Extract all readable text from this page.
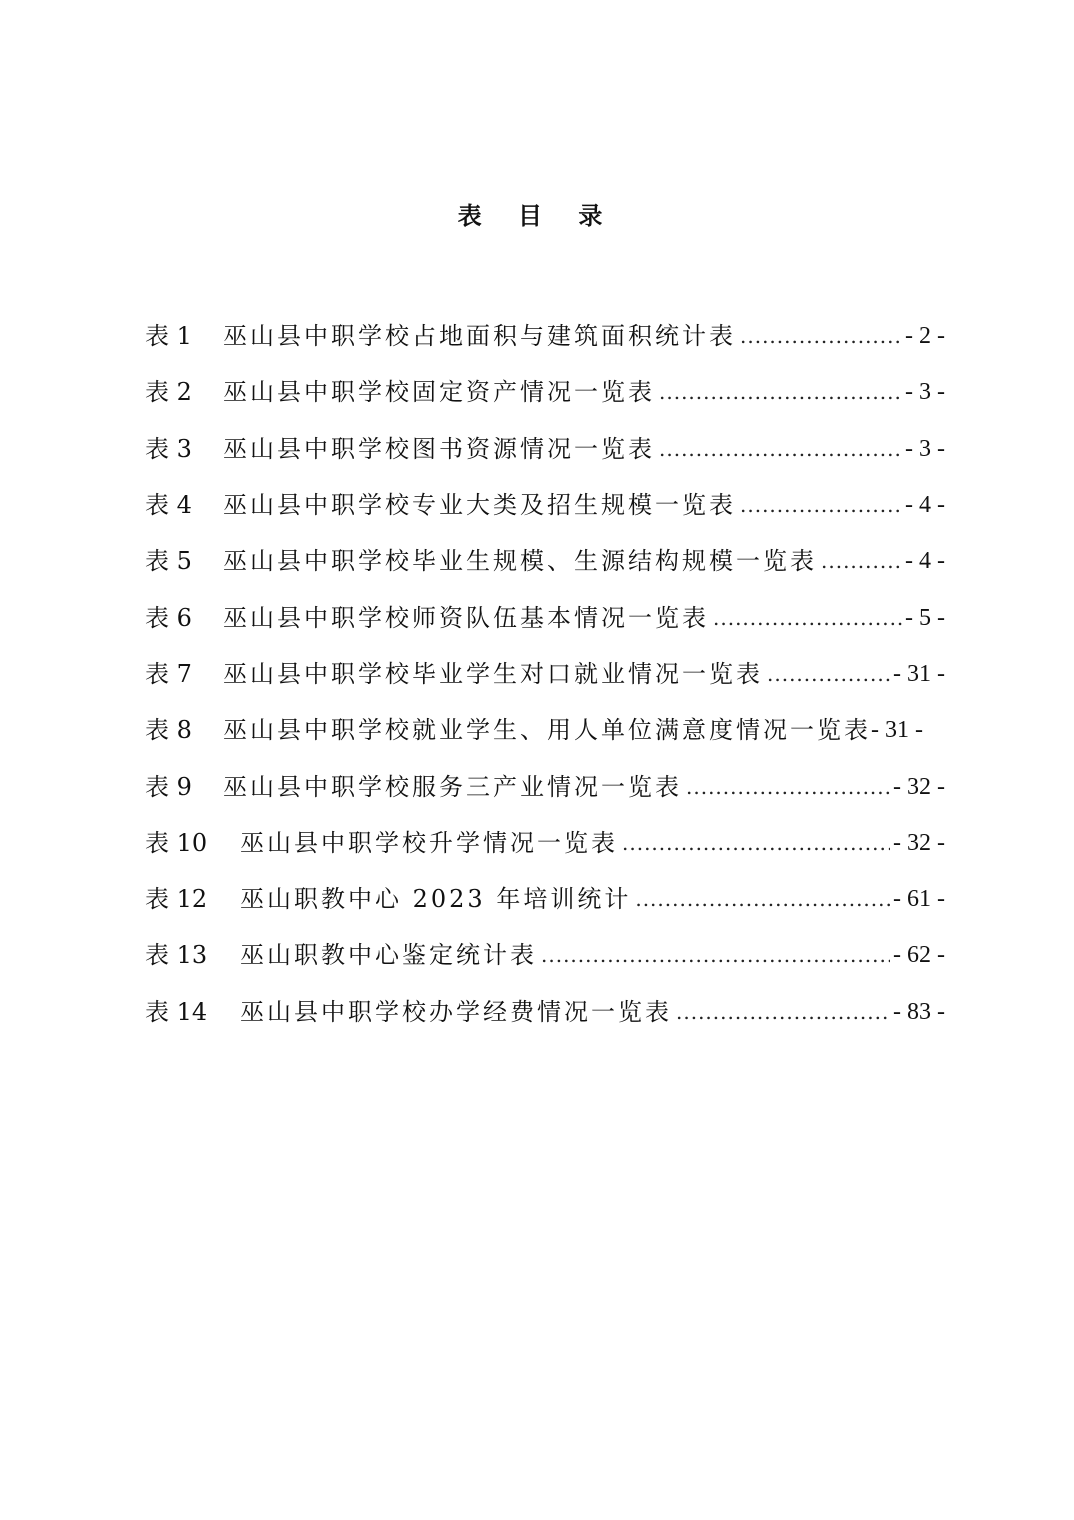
表 目 录
表 1	巫山县中职学校占地面积与建筑面积统计表 .....	- 2 -
表 2	巫山县中职学校固定资产情况一览表 .....	- 3 -
表 3	巫山县中职学校图书资源情况一览表 .....	- 3 -
表 4	巫山县中职学校专业大类及招生规模一览表 .....	- 4 -
表 5	巫山县中职学校毕业生规模、生源结构规模一览表 .....	- 4 -
表 6	巫山县中职学校师资队伍基本情况一览表 .....	- 5 -
表 7	巫山县中职学校毕业学生对口就业情况一览表 .....	- 31 -
表 8	巫山县中职学校就业学生、用人单位满意度情况一览表 - 31 -
表 9	巫山县中职学校服务三产业情况一览表 .....	- 32 -
表 10	巫山县中职学校升学情况一览表 .....	- 32 -
表 12	巫山职教中心 2023 年培训统计 .....	- 61 -
表 13	巫山职教中心鉴定统计表 .....	- 62 -
表 14	巫山县中职学校办学经费情况一览表 .....	- 83 -
